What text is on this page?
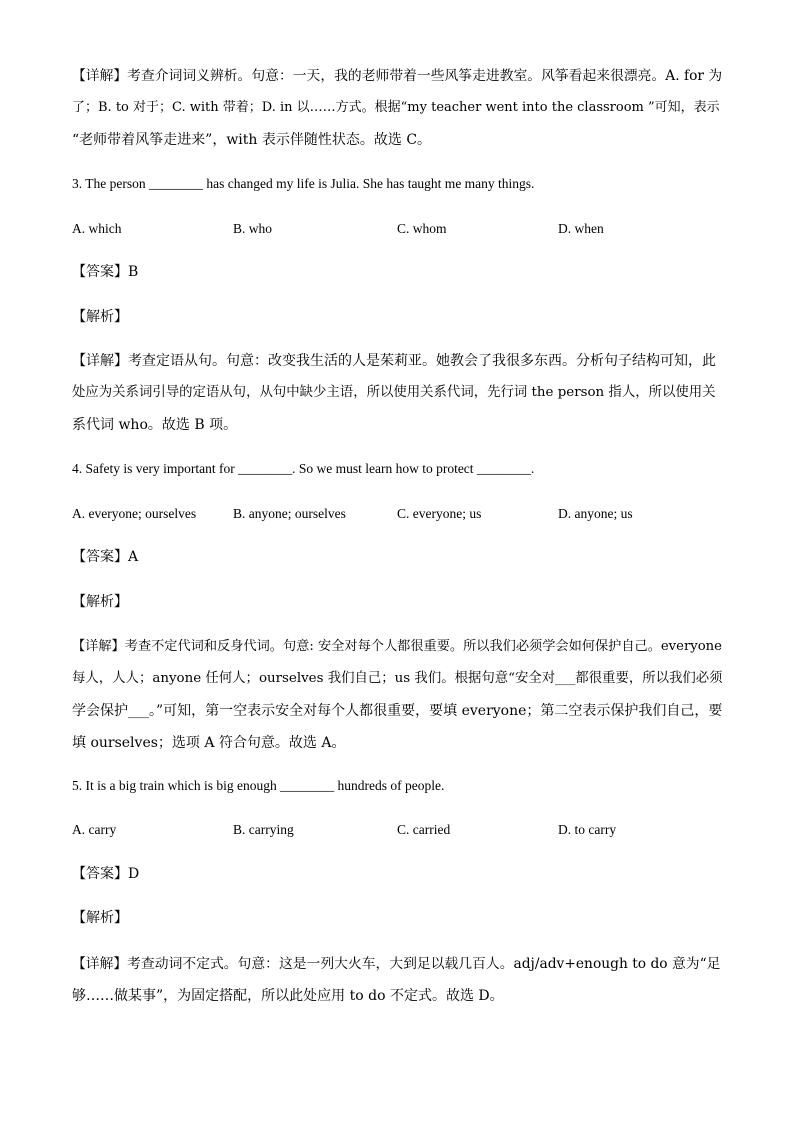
【详解】考查介词词义辨析。句意：一天，我的老师带着一些风筝走进教室。风筝看起来很漂亮。A. for 为
了；B. to 对于；C. with 带着；D. in 以……方式。根据“my teacher went into the classroom ”可知，表示
“老师带着风筝走进来”，with 表示伴随性状态。故选 C。
3. The person ________ has changed my life is Julia. She has taught me many things.
A. which	B. who	C. whom	D. when
【答案】B
【解析】
【详解】考查定语从句。句意：改变我生活的人是茱莉亚。她教会了我很多东西。分析句子结构可知，此
处应为关系词引导的定语从句，从句中缺少主语，所以使用关系代词，先行词 the person 指人，所以使用关
系代词 who。故选 B 项。
4. Safety is very important for ________. So we must learn how to protect ________.
A. everyone; ourselves	B. anyone; ourselves	C. everyone; us	D. anyone; us
【答案】A
【解析】
【详解】考查不定代词和反身代词。句意: 安全对每个人都很重要。所以我们必须学会如何保护自己。everyone
每人，人人；anyone 任何人；ourselves 我们自己；us 我们。根据句意“安全对___都很重要，所以我们必须
学会保护___。”可知，第一空表示安全对每个人都很重要，要填 everyone；第二空表示保护我们自己，要
填 ourselves；选项 A 符合句意。故选 A。
5. It is a big train which is big enough ________ hundreds of people.
A. carry	B. carrying	C. carried	D. to carry
【答案】D
【解析】
【详解】考查动词不定式。句意：这是一列大火车，大到足以载几百人。adj/adv+enough to do 意为“足
够……做某事”，为固定搭配，所以此处应用 to do 不定式。故选 D。
